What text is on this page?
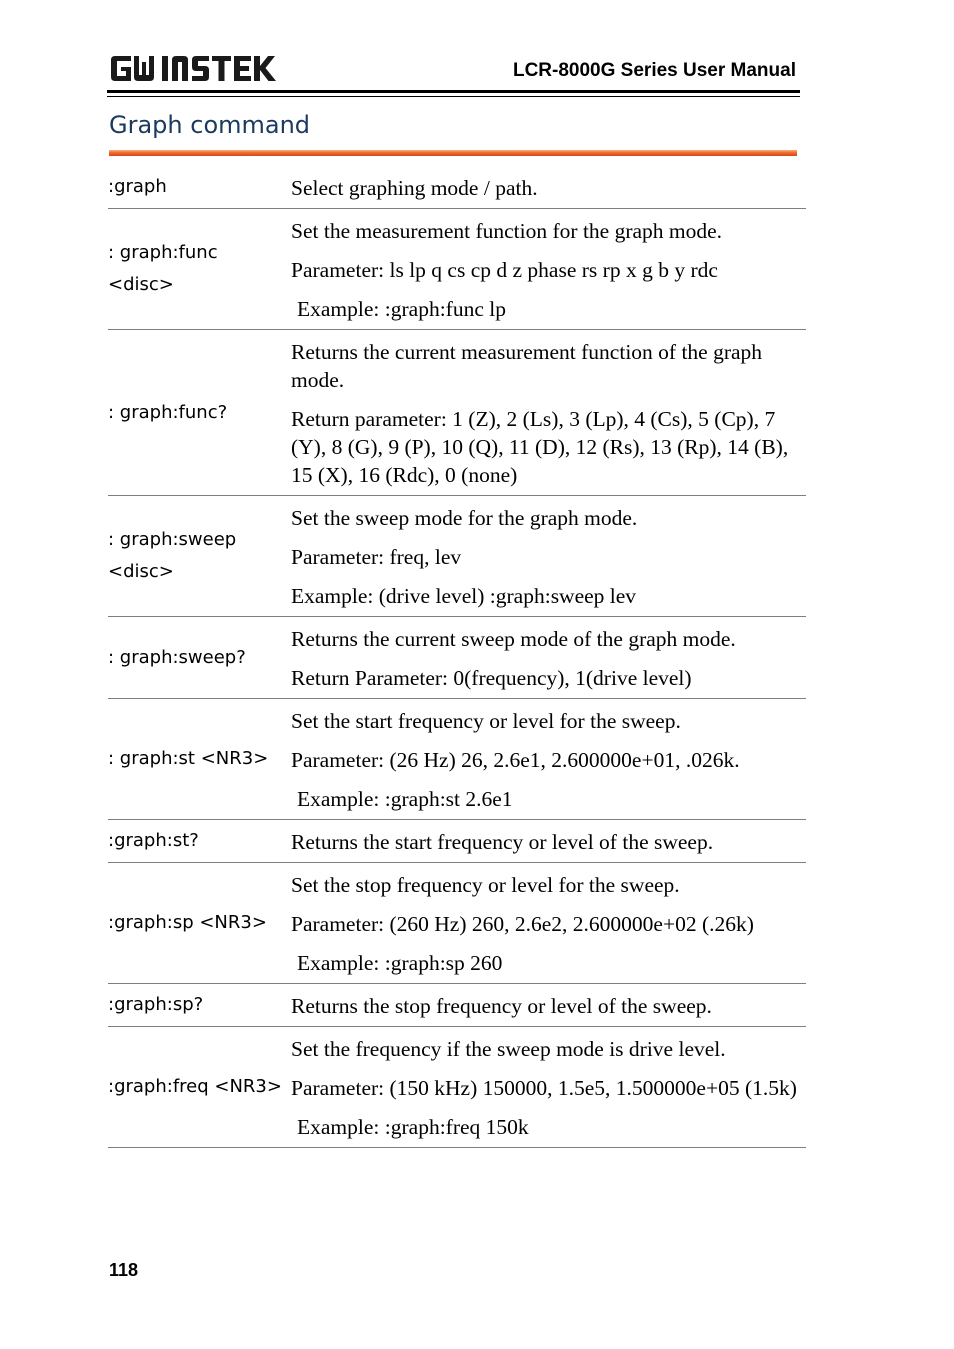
LCR-8000G Series User Manual
Graph command
:graph	Select graphing mode / path.

: graph:func <disc>	Set the measurement function for the graph mode.

Parameter: ls lp q cs cp d z phase rs rp x g b y rdc

Example: :graph:func lp

: graph:func?	Returns the current measurement function of the graph mode.

Return parameter: 1 (Z), 2 (Ls), 3 (Lp), 4 (Cs), 5 (Cp), 7 (Y), 8 (G), 9 (P), 10 (Q), 11 (D), 12 (Rs), 13 (Rp), 14 (B), 15 (X), 16 (Rdc), 0 (none)

: graph:sweep <disc>	Set the sweep mode for the graph mode.

Parameter: freq, lev

Example: (drive level) :graph:sweep lev

: graph:sweep?	Returns the current sweep mode of the graph mode.

Return Parameter: 0(frequency), 1(drive level)

: graph:st <NR3>	Set the start frequency or level for the sweep.

Parameter: (26 Hz) 26, 2.6e1, 2.600000e+01, .026k.

Example: :graph:st 2.6e1

:graph:st?	Returns the start frequency or level of the sweep.

:graph:sp <NR3>	Set the stop frequency or level for the sweep.

Parameter: (260 Hz) 260, 2.6e2, 2.600000e+02 (.26k)

Example: :graph:sp 260

:graph:sp?	Returns the stop frequency or level of the sweep.

:graph:freq <NR3>	Set the frequency if the sweep mode is drive level.

Parameter: (150 kHz) 150000, 1.5e5, 1.500000e+05 (1.5k)

Example: :graph:freq 150k

118
